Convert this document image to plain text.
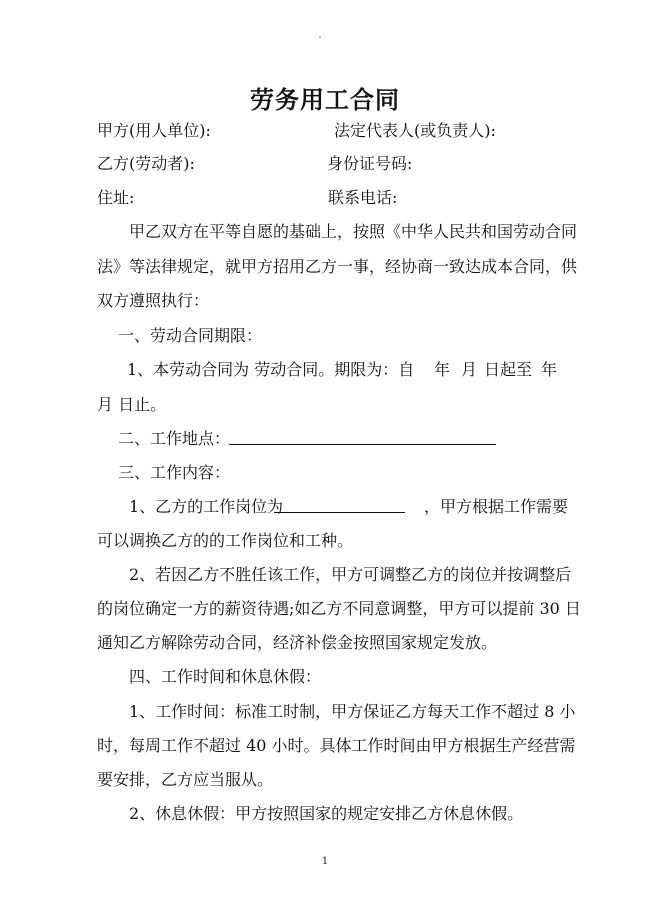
劳务用工合同
甲方(用人单位):	法定代表人(或负责人):
乙方(劳动者):	身份证号码:
住址:	联系电话:
甲乙双方在平等自愿的基础上，按照《中华人民共和国劳动合同
法》等法律规定，就甲方招用乙方一事，经协商一致达成本合同，供
双方遵照执行：
一、劳动合同期限：
1、本劳动合同为 劳动合同。期限为：自 年 月 日起至 年
月 日止。
二、工作地点：
三、工作内容：
1、乙方的工作岗位为	，甲方根据工作需要
可以调换乙方的的工作岗位和工种。
2、若因乙方不胜任该工作，甲方可调整乙方的岗位并按调整后
的岗位确定一方的薪资待遇;如乙方不同意调整，甲方可以提前 30 日
通知乙方解除劳动合同，经济补偿金按照国家规定发放。
四、工作时间和休息休假：
1、工作时间：标准工时制，甲方保证乙方每天工作不超过 8 小
时，每周工作不超过 40 小时。具体工作时间由甲方根据生产经营需
要安排，乙方应当服从。
2、休息休假：甲方按照国家的规定安排乙方休息休假。
1
